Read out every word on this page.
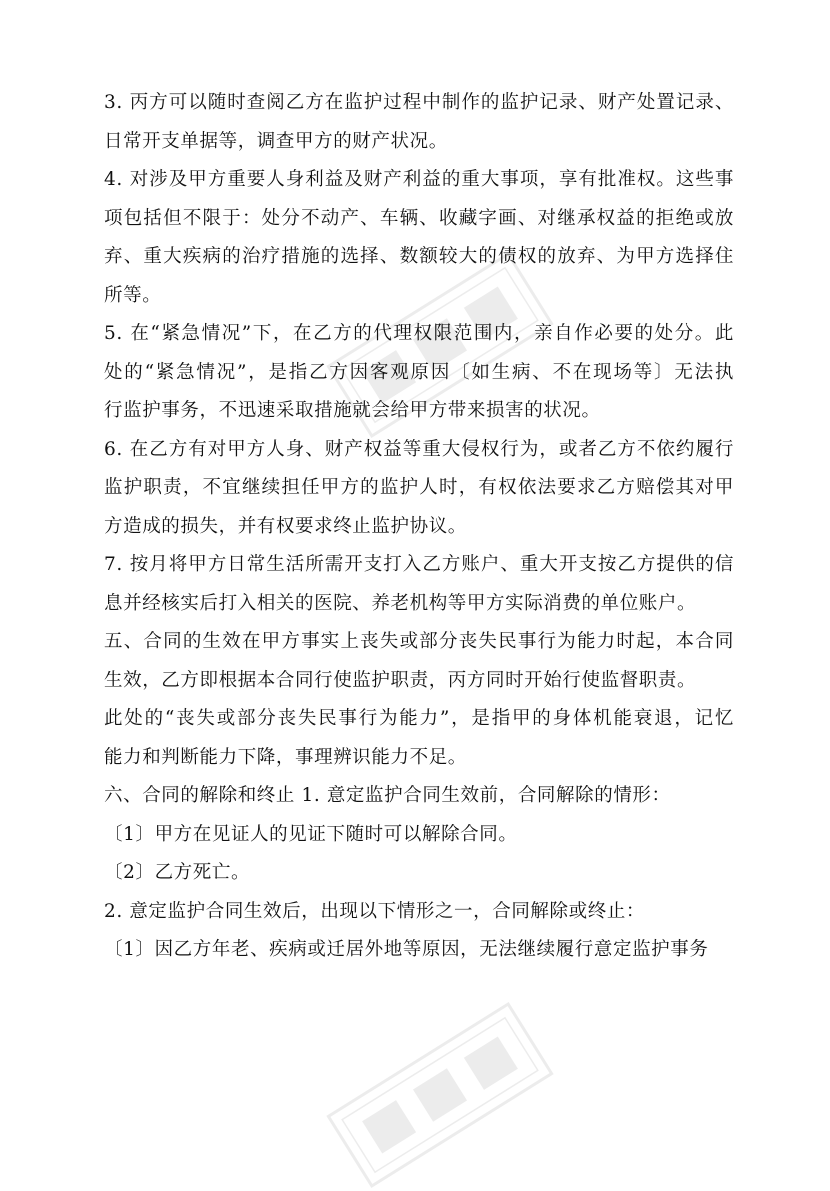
3. 丙方可以随时查阅乙方在监护过程中制作的监护记录、财产处置记录、
日常开支单据等，调查甲方的财产状况。
4. 对涉及甲方重要人身利益及财产利益的重大事项，享有批准权。这些事
项包括但不限于：处分不动产、车辆、收藏字画、对继承权益的拒绝或放
弃、重大疾病的治疗措施的选择、数额较大的债权的放弃、为甲方选择住
所等。
5. 在“紧急情况”下，在乙方的代理权限范围内，亲自作必要的处分。此
处的“紧急情况”，是指乙方因客观原因〔如生病、不在现场等〕无法执
行监护事务，不迅速采取措施就会给甲方带来损害的状况。
6. 在乙方有对甲方人身、财产权益等重大侵权行为，或者乙方不依约履行
监护职责，不宜继续担任甲方的监护人时，有权依法要求乙方赔偿其对甲
方造成的损失，并有权要求终止监护协议。
7. 按月将甲方日常生活所需开支打入乙方账户、重大开支按乙方提供的信
息并经核实后打入相关的医院、养老机构等甲方实际消费的单位账户。
五、合同的生效在甲方事实上丧失或部分丧失民事行为能力时起，本合同
生效，乙方即根据本合同行使监护职责，丙方同时开始行使监督职责。
此处的“丧失或部分丧失民事行为能力”，是指甲的身体机能衰退，记忆
能力和判断能力下降，事理辨识能力不足。
六、合同的解除和终止 1. 意定监护合同生效前，合同解除的情形：
〔1〕甲方在见证人的见证下随时可以解除合同。
〔2〕乙方死亡。
2. 意定监护合同生效后，出现以下情形之一，合同解除或终止：
〔1〕因乙方年老、疾病或迁居外地等原因，无法继续履行意定监护事务
